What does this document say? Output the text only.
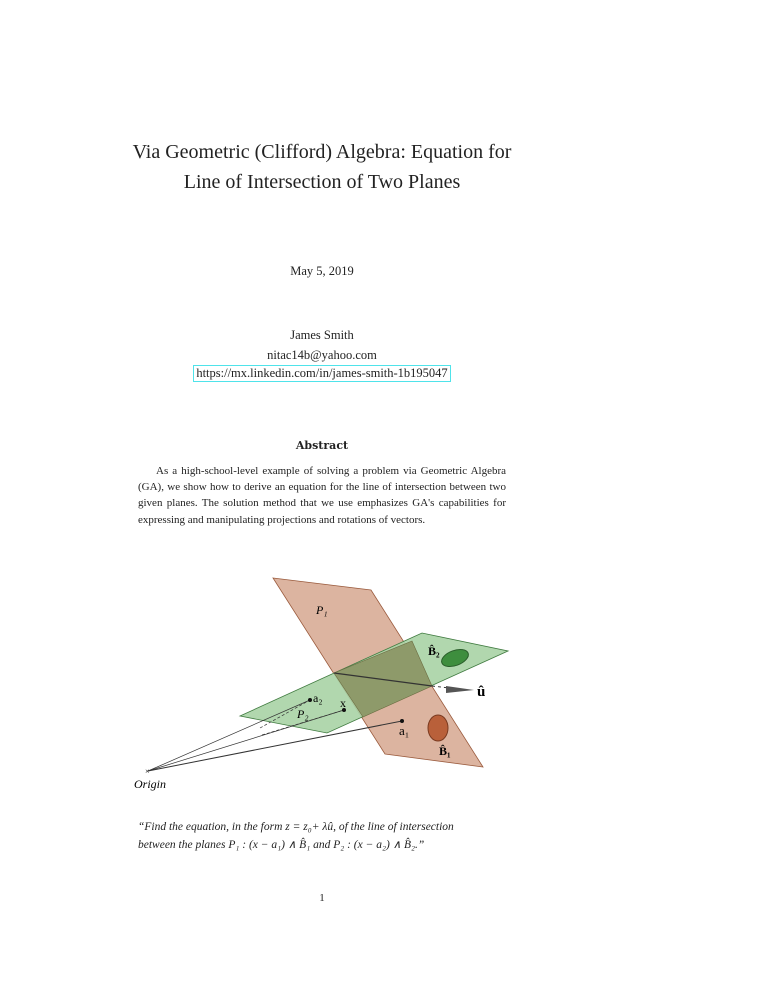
Via Geometric (Clifford) Algebra: Equation for
Line of Intersection of Two Planes
May 5, 2019
James Smith
nitac14b@yahoo.com
https://mx.linkedin.com/in/james-smith-1b195047
Abstract
As a high-school-level example of solving a problem via Geometric Algebra (GA), we show how to derive an equation for the line of intersection between two given planes. The solution method that we use emphasizes GA's capabilities for expressing and manipulating projections and rotations of vectors.
×
P₁
P₂
B̂₂
B̂₁
û
a₂ x
a₁
Origin
“Find the equation, in the form z = z₀+ λû, of the line of intersection
between the planes P₁ : (x − a₁) ∧ B̂₁ and P₂ : (x − a₂) ∧ B̂₂.”
1
